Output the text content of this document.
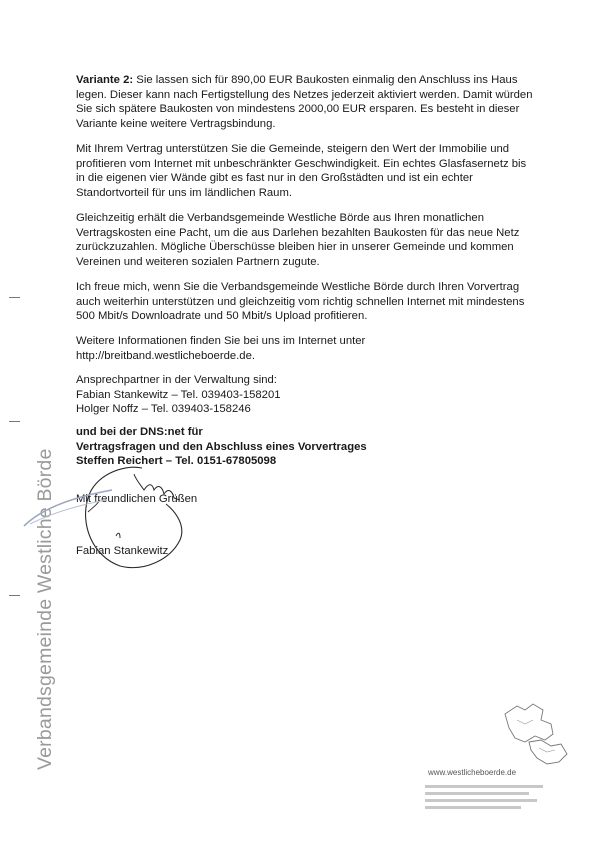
Variante 2: Sie lassen sich für 890,00 EUR Baukosten einmalig den Anschluss ins Haus legen. Dieser kann nach Fertigstellung des Netzes jederzeit aktiviert werden. Damit würden Sie sich spätere Baukosten von mindestens 2000,00 EUR ersparen. Es besteht in dieser Variante keine weitere Vertragsbindung.

Mit Ihrem Vertrag unterstützen Sie die Gemeinde, steigern den Wert der Immobilie und profitieren vom Internet mit unbeschränkter Geschwindigkeit. Ein echtes Glasfasernetz bis in die eigenen vier Wände gibt es fast nur in den Großstädten und ist ein echter Standortvorteil für uns im ländlichen Raum.

Gleichzeitig erhält die Verbandsgemeinde Westliche Börde aus Ihren monatlichen Vertragskosten eine Pacht, um die aus Darlehen bezahlten Baukosten für das neue Netz zurückzuzahlen. Mögliche Überschüsse bleiben hier in unserer Gemeinde und kommen Vereinen und weiteren sozialen Partnern zugute.

Ich freue mich, wenn Sie die Verbandsgemeinde Westliche Börde durch Ihren Vorvertrag auch weiterhin unterstützen und gleichzeitig vom richtig schnellen Internet mit mindestens 500 Mbit/s Downloadrate und 50 Mbit/s Upload profitieren.

Weitere Informationen finden Sie bei uns im Internet unter

http://breitband.westlicheboerde.de.

Ansprechpartner in der Verwaltung sind:

Fabian Stankewitz – Tel. 039403-158201

Holger Noffz – Tel. 039403-158246

und bei der DNS:net für

Vertragsfragen und den Abschluss eines Vorvertrages

Steffen Reichert – Tel. 0151-67805098

Mit freundlichen Grüßen

Fabian Stankewitz

Verbandsgemeinde Westliche Börde
www.westlicheboerde.de
